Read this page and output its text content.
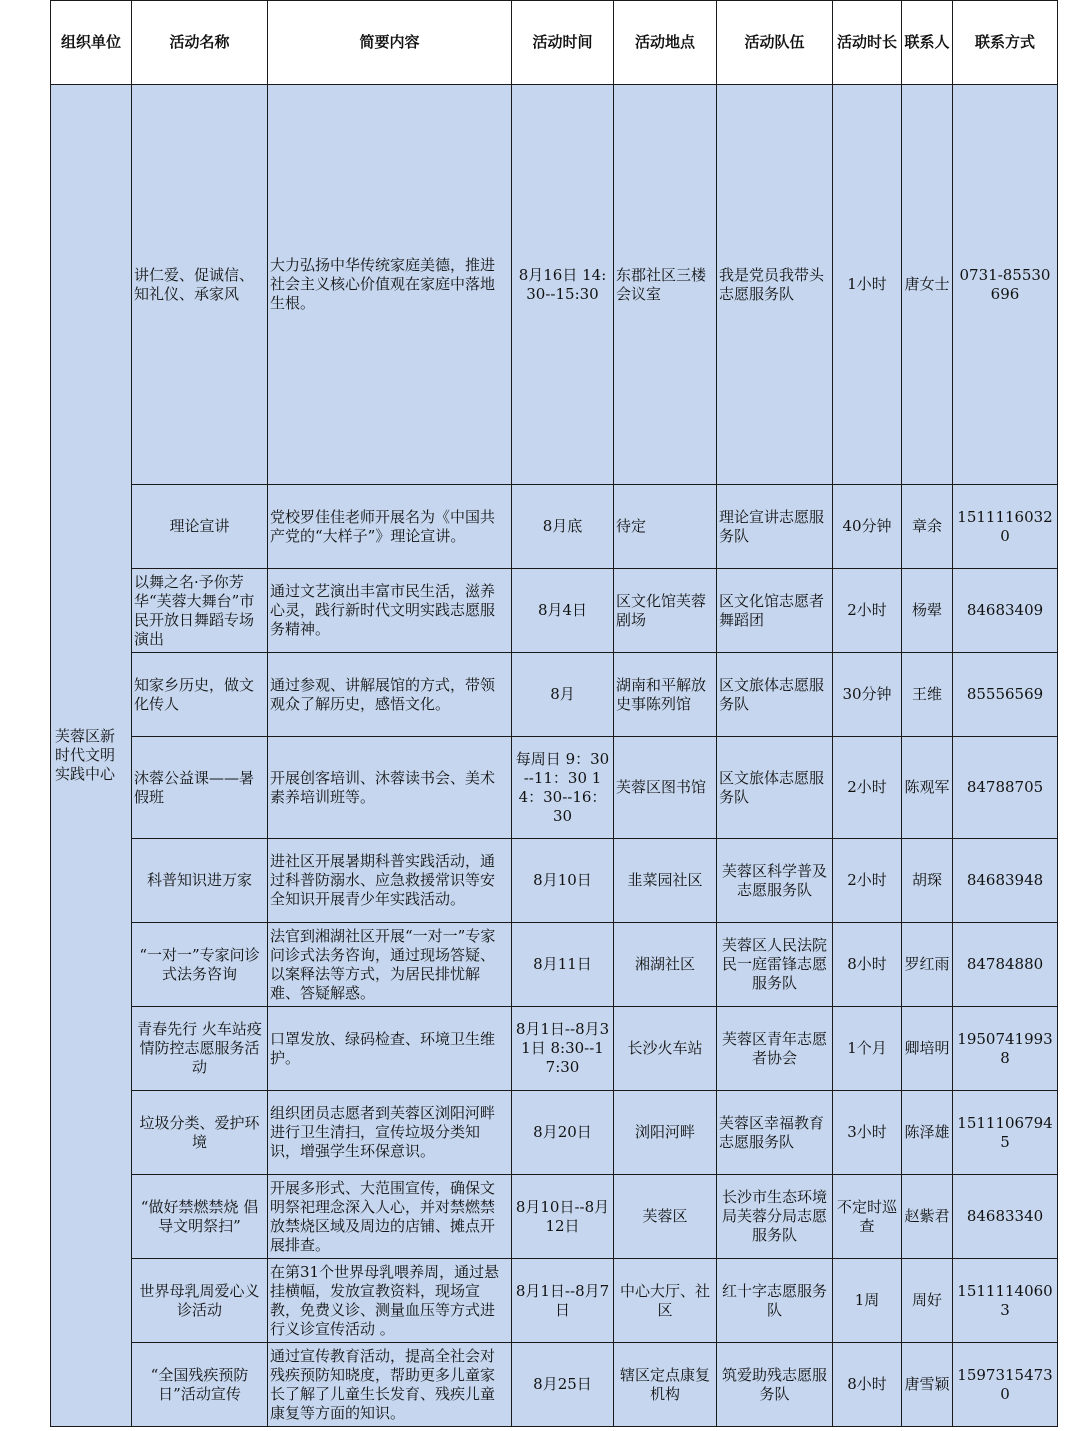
组织单位	活动名称	简要内容	活动时间	活动地点	活动队伍	活动时长	联系人	联系方式
芙蓉区新时代文明实践中心	讲仁爱、促诚信、知礼仪、承家风	大力弘扬中华传统家庭美德，推进社会主义核心价值观在家庭中落地生根。	8月16日 14:30--15:30	东郡社区三楼会议室	我是党员我带头志愿服务队	1小时	唐女士	0731-85530696
	理论宣讲	党校罗佳佳老师开展名为《中国共产党的“大样子”》理论宣讲。	8月底	待定	理论宣讲志愿服务队	40分钟	章余	15111160320
	以舞之名·予你芳华“芙蓉大舞台”市民开放日舞蹈专场演出	通过文艺演出丰富市民生活，滋养心灵，践行新时代文明实践志愿服务精神。	8月4日	区文化馆芙蓉剧场	区文化馆志愿者舞蹈团	2小时	杨翚	84683409
	知家乡历史，做文化传人	通过参观、讲解展馆的方式，带领观众了解历史，感悟文化。	8月	湖南和平解放史事陈列馆	区文旅体志愿服务队	30分钟	王维	85556569
	沐蓉公益课——暑假班	开展创客培训、沐蓉读书会、美术素养培训班等。	每周日 9：30--11：30 14：30--16：30	芙蓉区图书馆	区文旅体志愿服务队	2小时	陈观军	84788705
	科普知识进万家	进社区开展暑期科普实践活动，通过科普防溺水、应急救援常识等安全知识开展青少年实践活动。	8月10日	韭菜园社区	芙蓉区科学普及志愿服务队	2小时	胡琛	84683948
	“一对一”专家问诊式法务咨询	法官到湘湖社区开展“一对一”专家问诊式法务咨询，通过现场答疑、以案释法等方式，为居民排忧解难、答疑解惑。	8月11日	湘湖社区	芙蓉区人民法院民一庭雷锋志愿服务队	8小时	罗红雨	84784880
	青春先行 火车站疫情防控志愿服务活动	口罩发放、绿码检查、环境卫生维护。	8月1日--8月31日 8:30--17:30	长沙火车站	芙蓉区青年志愿者协会	1个月	卿培明	19507419938
	垃圾分类、爱护环境	组织团员志愿者到芙蓉区浏阳河畔进行卫生清扫，宣传垃圾分类知识，增强学生环保意识。	8月20日	浏阳河畔	芙蓉区幸福教育志愿服务队	3小时	陈泽雄	15111067945
	“做好禁燃禁烧 倡导文明祭扫”	开展多形式、大范围宣传，确保文明祭祀理念深入人心，并对禁燃禁放禁烧区域及周边的店铺、摊点开展排查。	8月10日--8月12日	芙蓉区	长沙市生态环境局芙蓉分局志愿服务队	不定时巡查	赵紫君	84683340
	世界母乳周爱心义诊活动	在第31个世界母乳喂养周，通过悬挂横幅，发放宣教资料，现场宣教，免费义诊、测量血压等方式进行义诊宣传活动 。	8月1日--8月7日	中心大厅、社区	红十字志愿服务队	1周	周好	15111140603
	“全国残疾预防日”活动宣传	通过宣传教育活动，提高全社会对残疾预防知晓度，帮助更多儿童家长了解了儿童生长发育、残疾儿童康复等方面的知识。	8月25日	辖区定点康复机构	筑爱助残志愿服务队	8小时	唐雪颖	15973154730
